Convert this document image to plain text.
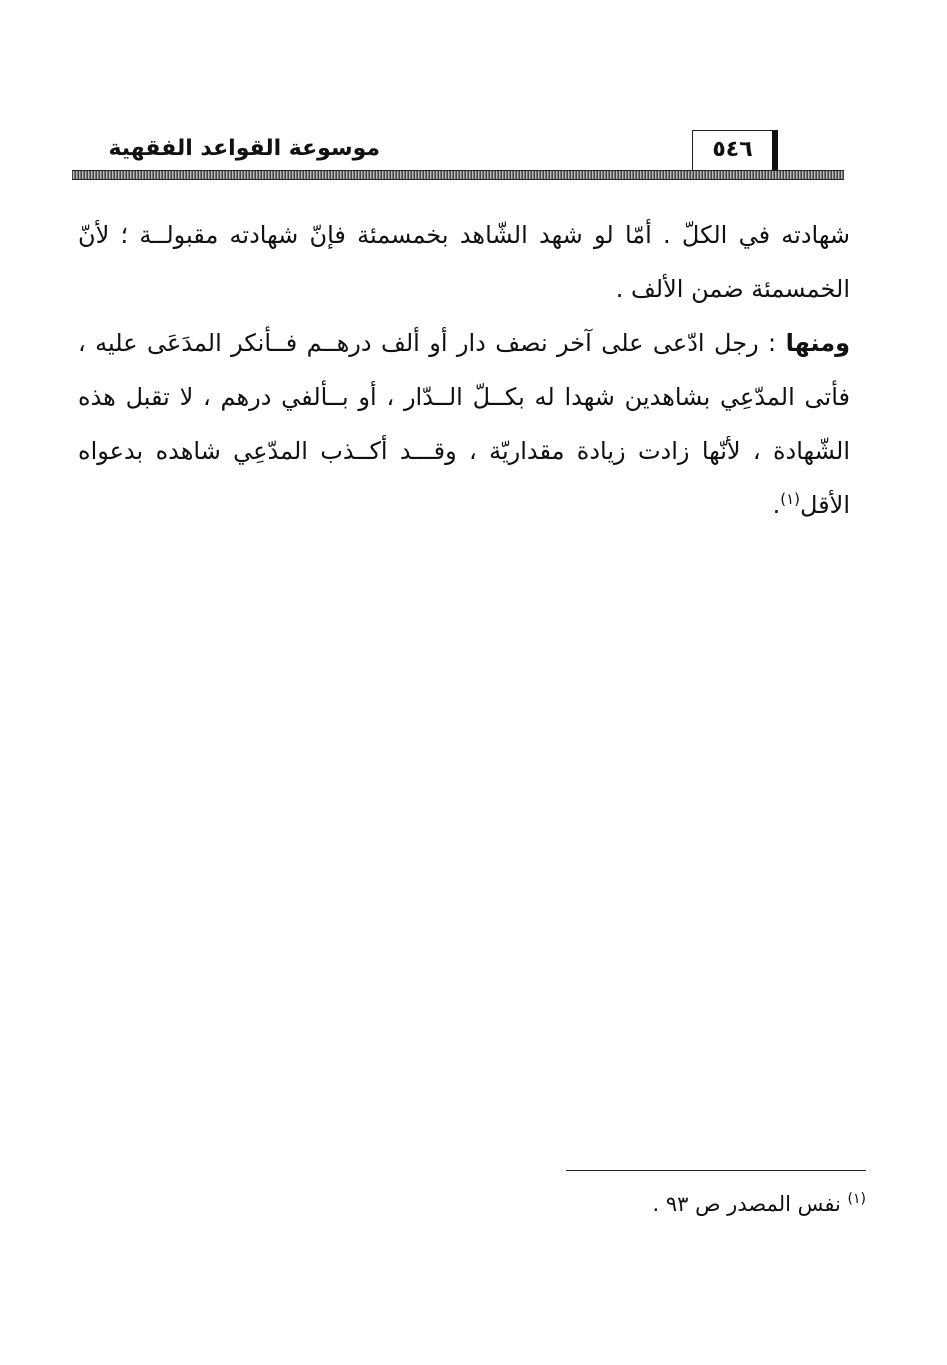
٥٤٦
موسوعة القواعد الفقهية

شهادته في الكلّ . أمّا لو شهد الشّاهد بخمسمئة فإنّ شهادته مقبولــة ؛ لأنّ الخمسمئة ضمن الألف .

ومنها : رجل ادّعى على آخر نصف دار أو ألف درهــم فــأنكر المدَعَى عليه ، فأتى المدّعِي بشاهدين شهدا له بكــلّ الــدّار ، أو بــألفي درهم ، لا تقبل هذه الشّهادة ، لأنّها زادت زيادة مقداريّة ، وقـــد أكــذب المدّعِي شاهده بدعواه الأقل$^{(١)}$.

$^{(١)}$ نفس المصدر ص ٩٣ .
